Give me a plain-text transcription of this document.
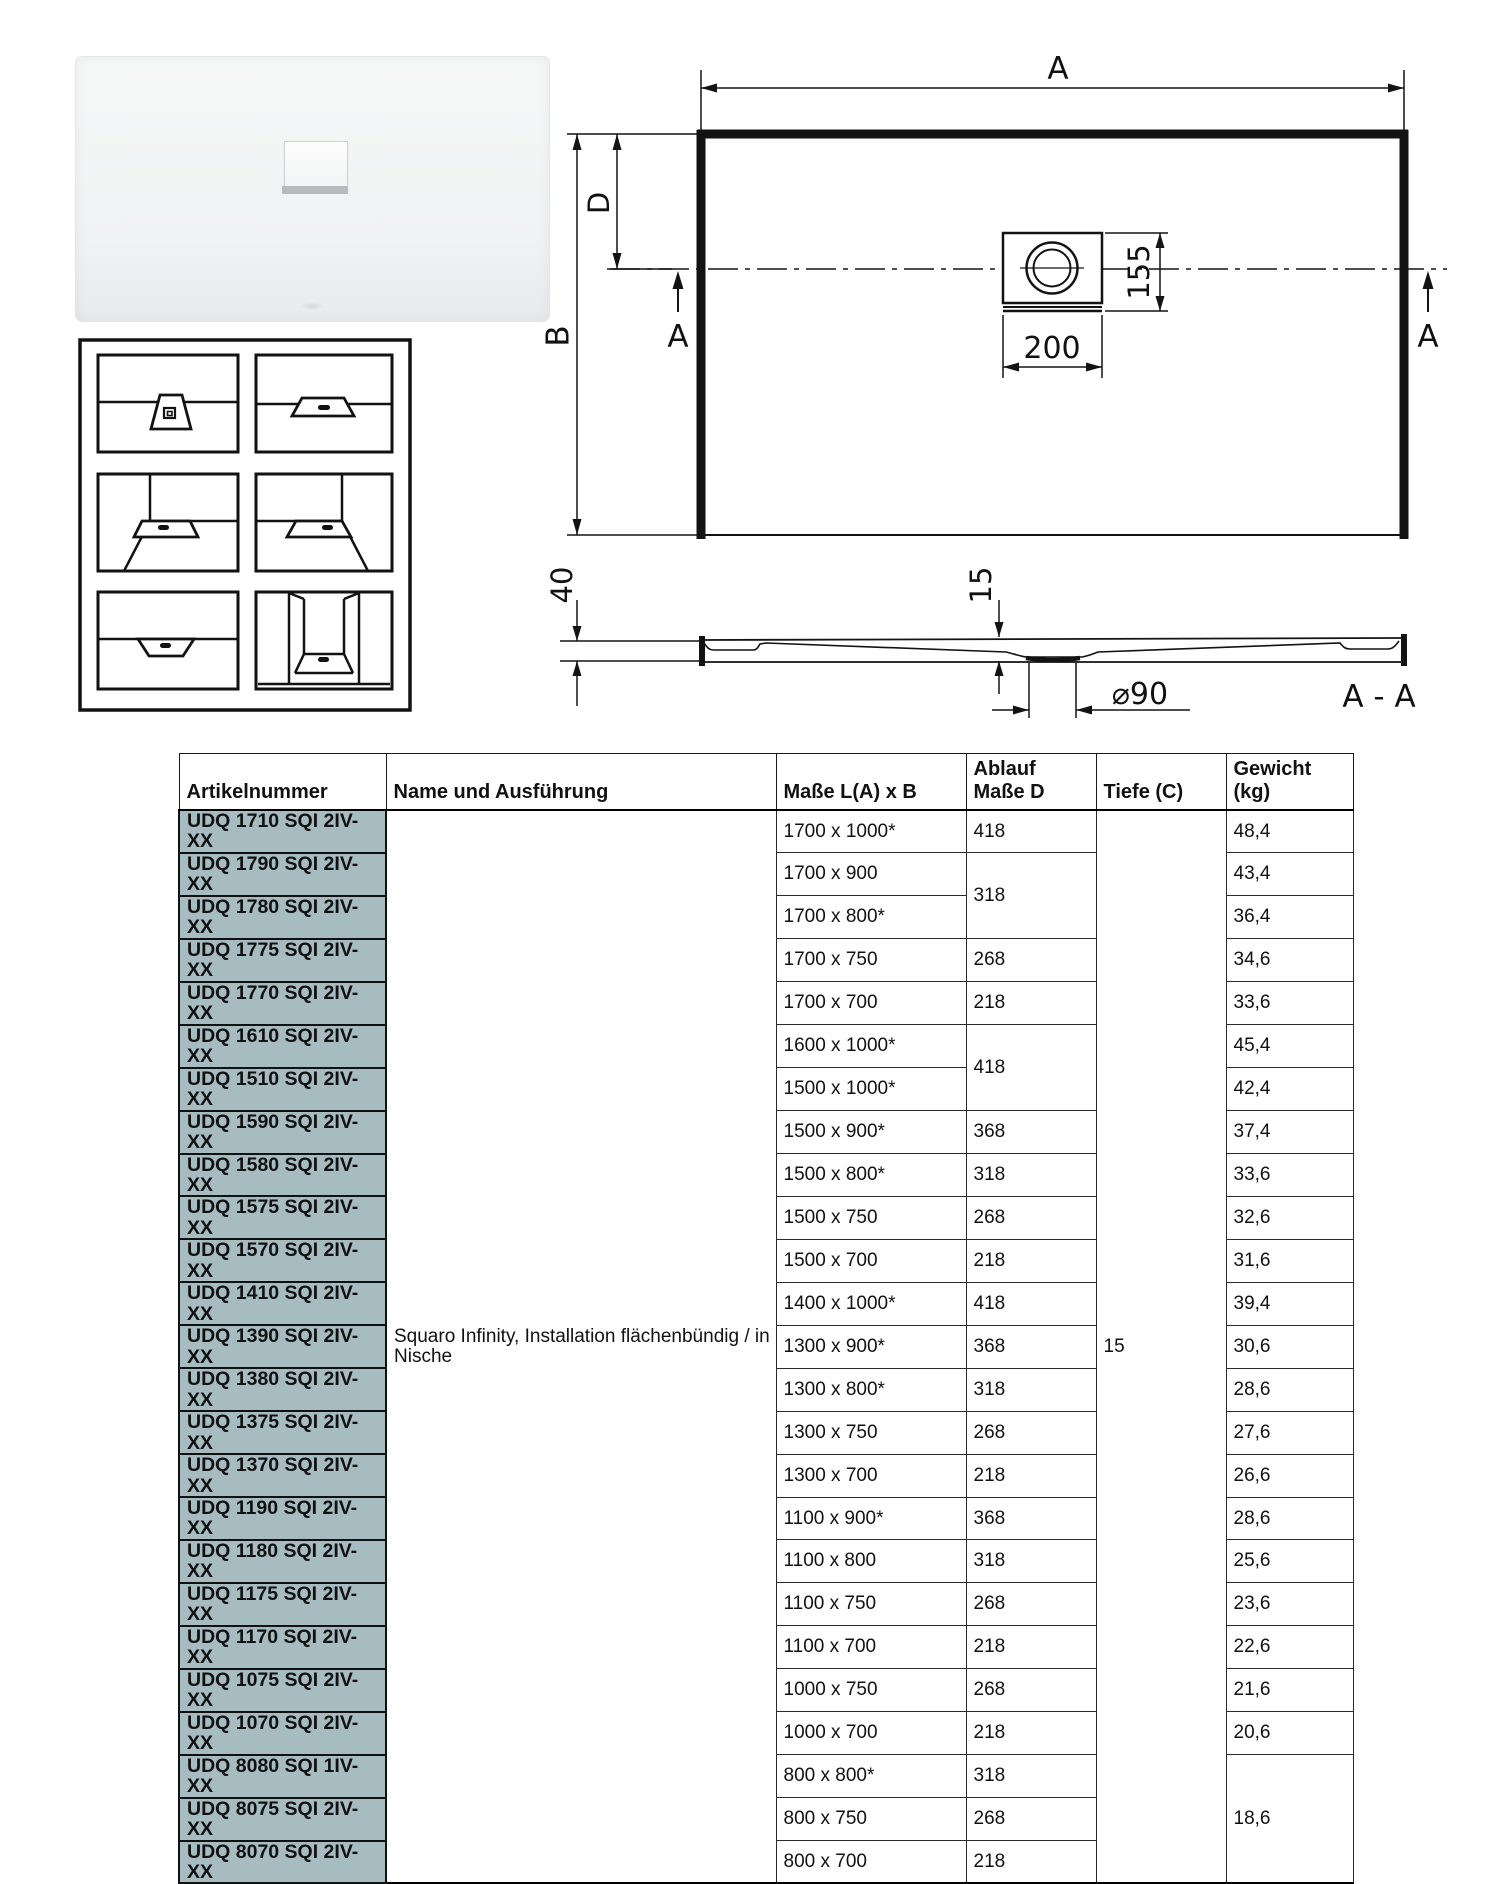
A
B
D
A	A
155
200
40	15
⌀90	A - A
Artikelnummer	Name und Ausführung	Maße L(A) x B	Ablauf Maße D	Tiefe (C)	Gewicht (kg)
UDQ 1710 SQI 2IV-XX	Squaro Infinity, Installation flächenbündig / in Nische	1700 x 1000*	418	15	48,4
UDQ 1790 SQI 2IV-XX		1700 x 900	318		43,4
UDQ 1780 SQI 2IV-XX		1700 x 800*			36,4
UDQ 1775 SQI 2IV-XX		1700 x 750	268		34,6
UDQ 1770 SQI 2IV-XX		1700 x 700	218		33,6
UDQ 1610 SQI 2IV-XX		1600 x 1000*	418		45,4
UDQ 1510 SQI 2IV-XX		1500 x 1000*			42,4
UDQ 1590 SQI 2IV-XX		1500 x 900*	368		37,4
UDQ 1580 SQI 2IV-XX		1500 x 800*	318		33,6
UDQ 1575 SQI 2IV-XX		1500 x 750	268		32,6
UDQ 1570 SQI 2IV-XX		1500 x 700	218		31,6
UDQ 1410 SQI 2IV-XX		1400 x 1000*	418		39,4
UDQ 1390 SQI 2IV-XX		1300 x 900*	368		30,6
UDQ 1380 SQI 2IV-XX		1300 x 800*	318		28,6
UDQ 1375 SQI 2IV-XX		1300 x 750	268		27,6
UDQ 1370 SQI 2IV-XX		1300 x 700	218		26,6
UDQ 1190 SQI 2IV-XX		1100 x 900*	368		28,6
UDQ 1180 SQI 2IV-XX		1100 x 800	318		25,6
UDQ 1175 SQI 2IV-XX		1100 x 750	268		23,6
UDQ 1170 SQI 2IV-XX		1100 x 700	218		22,6
UDQ 1075 SQI 2IV-XX		1000 x 750	268		21,6
UDQ 1070 SQI 2IV-XX		1000 x 700	218		20,6
UDQ 8080 SQI 1IV-XX		800 x 800*	318		18,6
UDQ 8075 SQI 2IV-XX		800 x 750	268		
UDQ 8070 SQI 2IV-XX		800 x 700	218		
